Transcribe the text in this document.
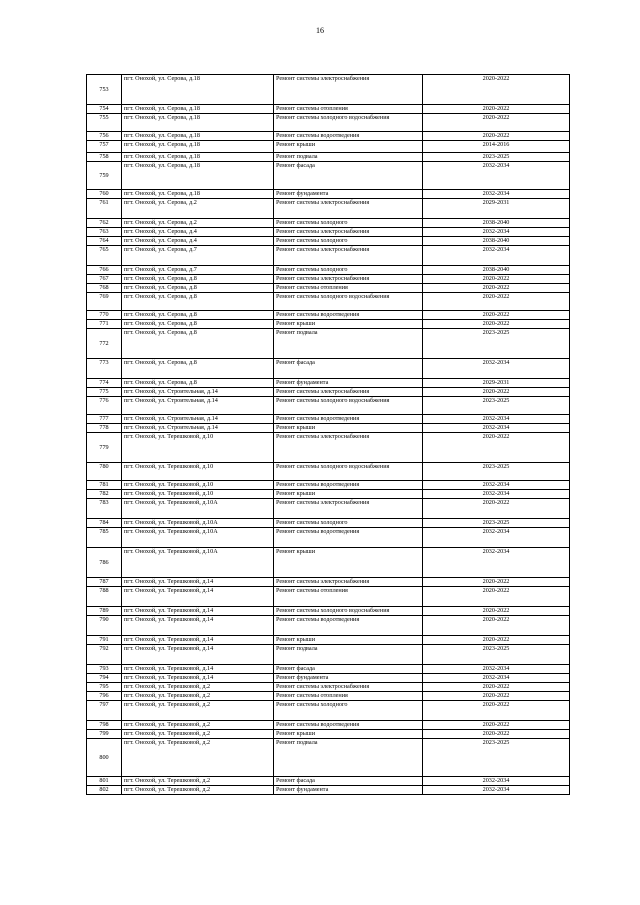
16
753	пгт. Онохой, ул. Серова, д.18	Ремонт системы электроснабжения	2020-2022
754	пгт. Онохой, ул. Серова, д.18	Ремонт системы отопления	2020-2022
755	пгт. Онохой, ул. Серова, д.18	Ремонт системы холодного водоснабжения	2020-2022
756	пгт. Онохой, ул. Серова, д.18	Ремонт системы водоотведения	2020-2022
757	пгт. Онохой, ул. Серова, д.18	Ремонт крыши	2014-2016
758	пгт. Онохой, ул. Серова, д.18	Ремонт подвала	2023-2025
759	пгт. Онохой, ул. Серова, д.18	Ремонт фасада	2032-2034
760	пгт. Онохой, ул. Серова, д.18	Ремонт фундамента	2032-2034
761	пгт. Онохой, ул. Серова, д.2	Ремонт системы электроснабжения	2029-2031
762	пгт. Онохой, ул. Серова, д.2	Ремонт системы холодного	2038-2040
763	пгт. Онохой, ул. Серова, д.4	Ремонт системы электроснабжения	2032-2034
764	пгт. Онохой, ул. Серова, д.4	Ремонт системы холодного	2038-2040
765	пгт. Онохой, ул. Серова, д.7	Ремонт системы электроснабжения	2032-2034
766	пгт. Онохой, ул. Серова, д.7	Ремонт системы холодного	2038-2040
767	пгт. Онохой, ул. Серова, д.8	Ремонт системы электроснабжения	2020-2022
768	пгт. Онохой, ул. Серова, д.8	Ремонт системы отопления	2020-2022
769	пгт. Онохой, ул. Серова, д.8	Ремонт системы холодного водоснабжения	2020-2022
770	пгт. Онохой, ул. Серова, д.8	Ремонт системы водоотведения	2020-2022
771	пгт. Онохой, ул. Серова, д.8	Ремонт крыши	2020-2022
772	пгт. Онохой, ул. Серова, д.8	Ремонт подвала	2023-2025
773	пгт. Онохой, ул. Серова, д.8	Ремонт фасада	2032-2034
774	пгт. Онохой, ул. Серова, д.8	Ремонт фундамента	2029-2031
775	пгт. Онохой, ул. Строительная, д.14	Ремонт системы электроснабжения	2020-2022
776	пгт. Онохой, ул. Строительная, д.14	Ремонт системы холодного водоснабжения	2023-2025
777	пгт. Онохой, ул. Строительная, д.14	Ремонт системы водоотведения	2032-2034
778	пгт. Онохой, ул. Строительная, д.14	Ремонт крыши	2032-2034
779	пгт. Онохой, ул. Терешковой, д.10	Ремонт системы электроснабжения	2020-2022
780	пгт. Онохой, ул. Терешковой, д.10	Ремонт системы холодного водоснабжения	2023-2025
781	пгт. Онохой, ул. Терешковой, д.10	Ремонт системы водоотведения	2032-2034
782	пгт. Онохой, ул. Терешковой, д.10	Ремонт крыши	2032-2034
783	пгт. Онохой, ул. Терешковой, д.10А	Ремонт системы электроснабжения	2020-2022
784	пгт. Онохой, ул. Терешковой, д.10А	Ремонт системы холодного	2023-2025
785	пгт. Онохой, ул. Терешковой, д.10А	Ремонт системы водоотведения	2032-2034
786	пгт. Онохой, ул. Терешковой, д.10А	Ремонт крыши	2032-2034
787	пгт. Онохой, ул. Терешковой, д.14	Ремонт системы электроснабжения	2020-2022
788	пгт. Онохой, ул. Терешковой, д.14	Ремонт системы отопления	2020-2022
789	пгт. Онохой, ул. Терешковой, д.14	Ремонт системы холодного водоснабжения	2020-2022
790	пгт. Онохой, ул. Терешковой, д.14	Ремонт системы водоотведения	2020-2022
791	пгт. Онохой, ул. Терешковой, д.14	Ремонт крыши	2020-2022
792	пгт. Онохой, ул. Терешковой, д.14	Ремонт подвала	2023-2025
793	пгт. Онохой, ул. Терешковой, д.14	Ремонт фасада	2032-2034
794	пгт. Онохой, ул. Терешковой, д.14	Ремонт фундамента	2032-2034
795	пгт. Онохой, ул. Терешковой, д.2	Ремонт системы электроснабжения	2020-2022
796	пгт. Онохой, ул. Терешковой, д.2	Ремонт системы отопления	2020-2022
797	пгт. Онохой, ул. Терешковой, д.2	Ремонт системы холодного	2020-2022
798	пгт. Онохой, ул. Терешковой, д.2	Ремонт системы водоотведения	2020-2022
799	пгт. Онохой, ул. Терешковой, д.2	Ремонт крыши	2020-2022
800	пгт. Онохой, ул. Терешковой, д.2	Ремонт подвала	2023-2025
801	пгт. Онохой, ул. Терешковой, д.2	Ремонт фасада	2032-2034
802	пгт. Онохой, ул. Терешковой, д.2	Ремонт фундамента	2032-2034
